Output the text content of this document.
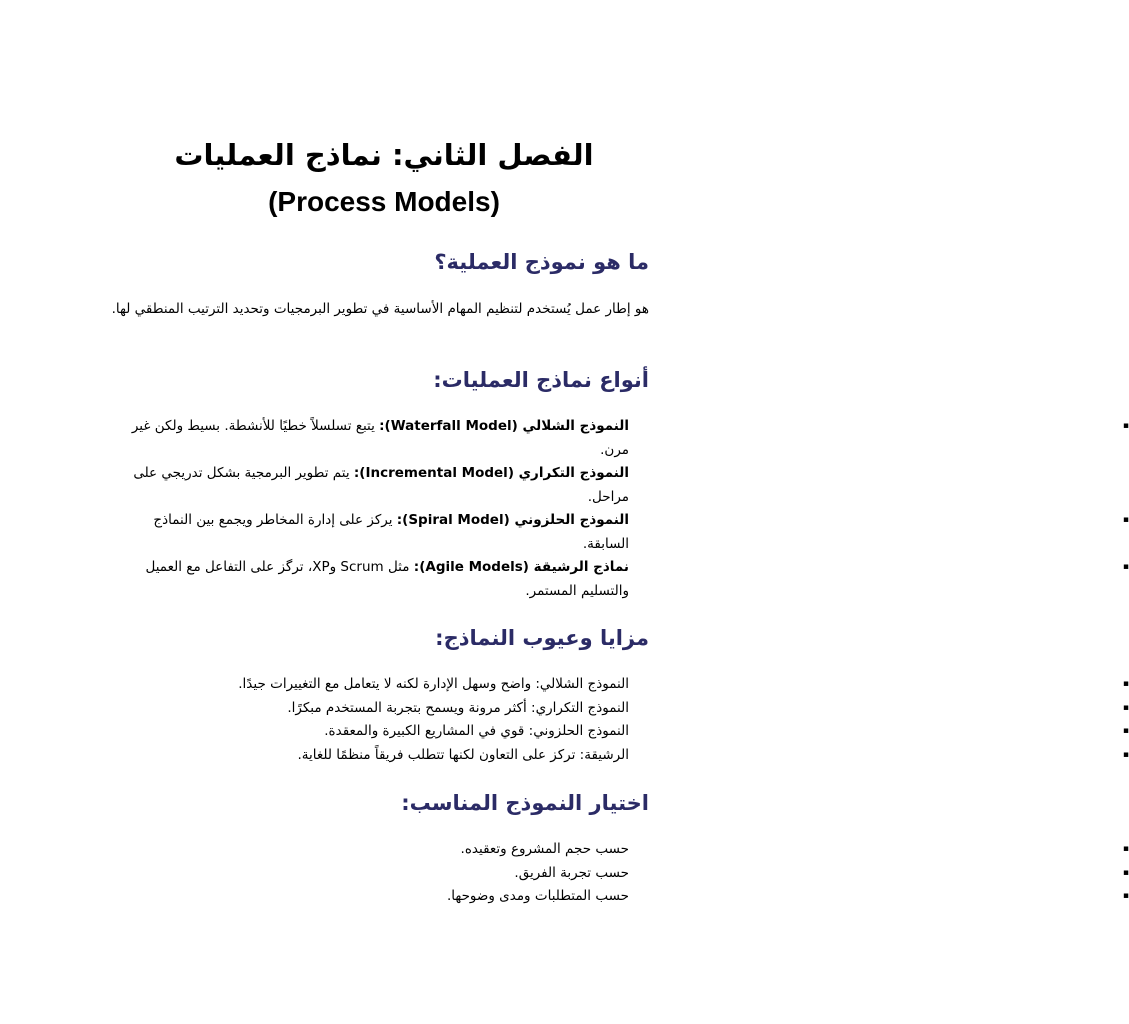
الفصل الثاني: نماذج العمليات
(Process Models)
ما هو نموذج العملية؟

هو إطار عمل يُستخدم لتنظيم المهام الأساسية في تطوير البرمجيات وتحديد الترتيب المنطقي لها.

أنواع نماذج العمليات:
▪
النموذج الشلالي (Waterfall Model): يتبع تسلسلاً خطيًا للأنشطة. بسيط ولكن غير مرن.
النموذج التكراري (Incremental Model): يتم تطوير البرمجية بشكل تدريجي على مراحل.
▪
النموذج الحلزوني (Spiral Model): يركز على إدارة المخاطر ويجمع بين النماذج السابقة.
▪
نماذج الرشيقة (Agile Models): مثل Scrum وXP، ترگز على التفاعل مع العميل والتسليم المستمر.
مزايا وعيوب النماذج:
▪
النموذج الشلالي: واضح وسهل الإدارة لكنه لا يتعامل مع التغييرات جيدًا.
▪
النموذج التكراري: أكثر مرونة ويسمح بتجربة المستخدم مبكرًا.
▪
النموذج الحلزوني: قوي في المشاريع الكبيرة والمعقدة.
▪
الرشيقة: تركز على التعاون لكنها تتطلب فريقاً منظمًا للغاية.
اختيار النموذج المناسب:
▪
حسب حجم المشروع وتعقيده.
▪
حسب تجربة الفريق.
▪
حسب المتطلبات ومدى وضوحها.
